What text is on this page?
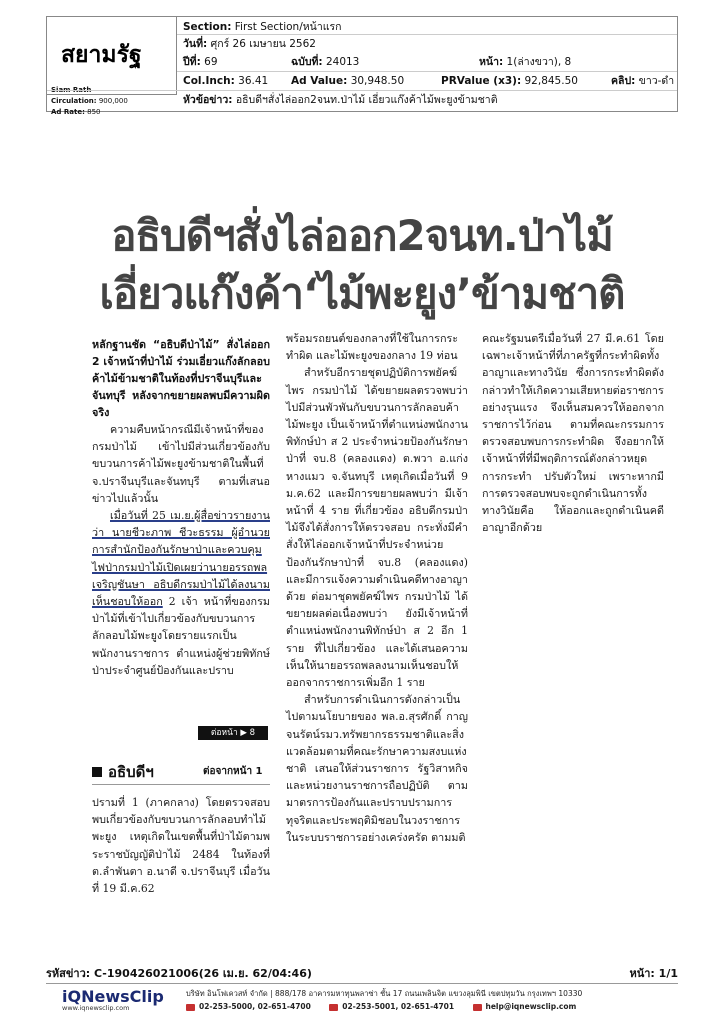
สยามรัฐ
Siam Rath
Circulation: 900,000
Ad Rate: 850
Section: First Section/หน้าแรก
วันที่: ศุกร์ 26 เมษายน 2562
ปีที่: 69	ฉบับที่: 24013	หน้า: 1(ล่างขวา), 8
Col.Inch: 36.41 Ad Value: 30,948.50	PRValue (x3): 92,845.50	คลิป: ขาว-ดำ
หัวข้อข่าว: อธิบดีฯสั่งไล่ออก2จนท.ป่าไม้ เอี่ยวแก๊งค้าไม้พะยูงข้ามชาติ
อธิบดีฯสั่งไล่ออก2จนท.ป่าไม้
เอี่ยวแก๊งค้า‘ไม้พะยูง’ข้ามชาติ

หลักฐานชัด “อธิบดีป่าไม้” สั่งไล่ออก 2 เจ้าหน้าที่ป่าไม้ ร่วมเอี่ยวแก๊งลักลอบค้าไม้ข้ามชาติในท้องที่ปราจีนบุรีและจันทบุรี หลังจากขยายผลพบมีความผิดจริง

ความคืบหน้ากรณีมีเจ้าหน้าที่ของกรมป่าไม้ เข้าไปมีส่วนเกี่ยวข้องกับขบวนการค้าไม้พะยูงข้ามชาติในพื้นที่ จ.ปราจีนบุรีและจันทบุรี ตามที่เสนอข่าวไปแล้วนั้น

เมื่อวันที่ 25 เม.ย.ผู้สื่อข่าวรายงานว่า นายชีวะภาพ ชีวะธรรม ผู้อำนวยการสำนักป้องกันรักษาป่าและควบคุมไฟป่ากรมป่าไม้เปิดเผยว่านายอรรถพล เจริญชันษา อธิบดีกรมป่าไม้ได้ลงนามเห็นชอบให้ออก 2 เจ้า หน้าที่ของกรมป่าไม้ที่เข้าไปเกี่ยวข้องกับขบวนการลักลอบไม้พะยูงโดยรายแรกเป็นพนักงานราชการ ตำแหน่งผู้ช่วยพิทักษ์ป่าประจำศูนย์ป้องกันและปราบ

ต่อหน้า ▶ 8
อธิบดีฯ	ต่อจากหน้า 1

ปรามที่ 1 (ภาคกลาง) โดยตรวจสอบพบเกี่ยวข้องกับขบวนการลักลอบทำไม้พะยูง เหตุเกิดในเขตพื้นที่ป่าไม้ตามพระราชบัญญัติป่าไม้ 2484 ในท้องที่ ต.ลำพันตา อ.นาดี จ.ปราจีนบุรี เมื่อวันที่ 19 มี.ค.62

พร้อมรถยนต์ของกลางที่ใช้ในการกระทำผิด และไม้พะยูงของกลาง 19 ท่อน

สำหรับอีกรายชุดปฏิบัติการพยัคฆ์ไพร กรมป่าไม้ ได้ขยายผลตรวจพบว่าไปมีส่วนพัวพันกับขบวนการลักลอบค้าไม้พะยูง เป็นเจ้าหน้าที่ตำแหน่งพนักงานพิทักษ์ป่า ส 2 ประจำหน่วยป้องกันรักษาป่าที่ จบ.8 (คลองแดง) ต.พวา อ.แก่งหางแมว จ.จันทบุรี เหตุเกิดเมื่อวันที่ 9 ม.ค.62 และมีการขยายผลพบว่า มีเจ้าหน้าที่ 4 ราย ที่เกี่ยวข้อง อธิบดีกรมป่าไม้จึงได้สั่งการให้ตรวจสอบ กระทั่งมีคำสั่งให้ไล่ออกเจ้าหน้าที่ประจำหน่วยป้องกันรักษาป่าที่ จบ.8 (คลองแดง) และมีการแจ้งความดำเนินคดีทางอาญาด้วย ต่อมาชุดพยัคฆ์ไพร กรมป่าไม้ ได้ขยายผลต่อเนื่องพบว่า ยังมีเจ้าหน้าที่ตำแหน่งพนักงานพิทักษ์ป่า ส 2 อีก 1 ราย ที่ไปเกี่ยวข้อง และได้เสนอความเห็นให้นายอรรถพลลงนามเห็นชอบให้ออกจากราชการเพิ่มอีก 1 ราย

สำหรับการดำเนินการดังกล่าวเป็นไปตามนโยบายของ พล.อ.สุรศักดิ์ กาญจนรัตน์รมว.ทรัพยากรธรรมชาติและสิ่งแวดล้อมตามที่คณะรักษาความสงบแห่งชาติ เสนอให้ส่วนราชการ รัฐวิสาหกิจ และหน่วยงานราชการถือปฏิบัติ ตามมาตรการป้องกันและปราบปรามการทุจริตและประพฤติมิชอบในวงราชการในระบบราชการอย่างเคร่งครัด ตามมติ

คณะรัฐมนตรีเมื่อวันที่ 27 มี.ค.61 โดยเฉพาะเจ้าหน้าที่ที่ภาครัฐที่กระทำผิดทั้งอาญาและทางวินัย ซึ่งการกระทำผิดดังกล่าวทำให้เกิดความเสียหายต่อราชการอย่างรุนแรง จึงเห็นสมควรให้ออกจากราชการไว้ก่อน ตามที่คณะกรรมการตรวจสอบพบการกระทำผิด จึงอยากให้เจ้าหน้าที่ที่มีพฤติการณ์ดังกล่าวหยุดการกระทำ ปรับตัวใหม่ เพราะหากมีการตรวจสอบพบจะถูกดำเนินการทั้งทางวินัยคือ ให้ออกและถูกดำเนินคดีอาญาอีกด้วย

รหัสข่าว: C-190426021006(26 เม.ย. 62/04:46)	หน้า: 1/1
iQNewsClip
www.iqnewsclip.com
บริษัท อินโฟเควสท์ จำกัด | 888/178 อาคารมหาทุนพลาซ่า ชั้น 17 ถนนเพลินจิต แขวงลุมพินี เขตปทุมวัน กรุงเทพฯ 10330
02-253-5000, 02-651-4700	02-253-5001, 02-651-4701	help@iqnewsclip.com
